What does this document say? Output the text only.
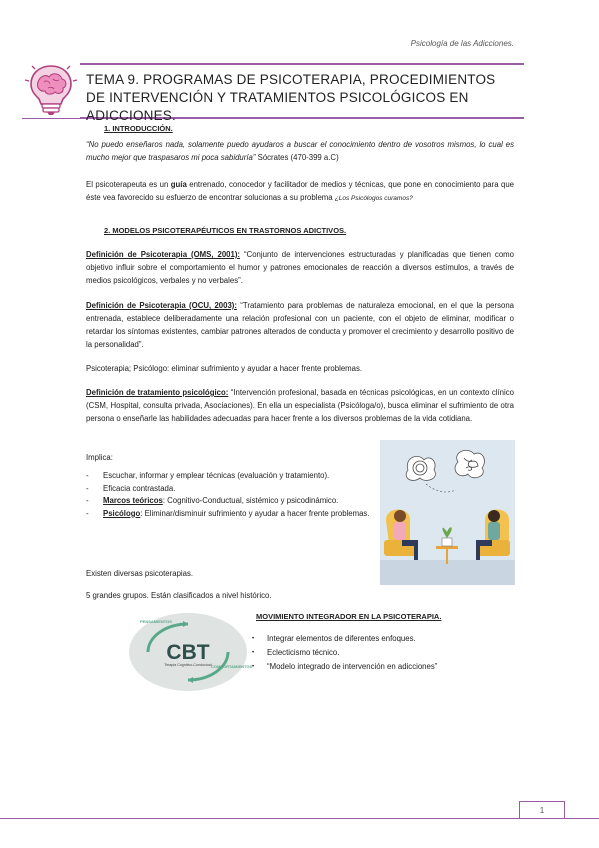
Psicología de las Adicciones.
TEMA 9. PROGRAMAS DE PSICOTERAPIA, PROCEDIMIENTOS DE INTERVENCIÓN Y TRATAMIENTOS PSICOLÓGICOS EN ADICCIONES.
1. INTRODUCCIÓN.
“No puedo enseñaros nada, solamente puedo ayudaros a buscar el conocimiento dentro de vosotros mismos, lo cual es mucho mejor que traspasaros mi poca sabiduría” Sócrates (470-399 a.C)
El psicoterapeuta es un guía entrenado, conocedor y facilitador de medios y técnicas, que pone en conocimiento para que éste vea favorecido su esfuerzo de encontrar solucionas a su problema ¿Los Psicólogos curamos?
2. MODELOS PSICOTERAPÉUTICOS EN TRASTORNOS ADICTIVOS.
Definición de Psicoterapia (OMS, 2001): “Conjunto de intervenciones estructuradas y planificadas que tienen como objetivo influir sobre el comportamiento el humor y patrones emocionales de reacción a diversos estímulos, a través de medios psicológicos, verbales y no verbales”.
Definición de Psicoterapia (OCU, 2003): “Tratamiento para problemas de naturaleza emocional, en el que la persona entrenada, establece deliberadamente una relación profesional con un paciente, con el objeto de eliminar, modificar o retardar los síntomas existentes, cambiar patrones alterados de conducta y promover el crecimiento y desarrollo positivo de la personalidad”.
Psicoterapia; Psicólogo: eliminar sufrimiento y ayudar a hacer frente problemas.
Definición de tratamiento psicológico: “Intervención profesional, basada en técnicas psicológicas, en un contexto clínico (CSM, Hospital, consulta privada, Asociaciones). En ella un especialista (Psicóloga/o), busca eliminar el sufrimiento de otra persona o enseñarle las habilidades adecuadas para hacer frente a los diversos problemas de la vida cotidiana.
Implica:
- Escuchar, informar y emplear técnicas (evaluación y tratamiento).
- Eficacia contrastada.
- Marcos teóricos: Cognitivo-Conductual, sistémico y psicodinámico.
- Psicólogo: Eliminar/disminuir sufrimiento y ayudar a hacer frente problemas.
Existen diversas psicoterapias.
5 grandes grupos. Están clasificados a nivel histórico.
PENSAMIENTOS
COMPORTAMIENTOS
CBT
Terapia Cognitivo-Conductual
MOVIMIENTO INTEGRADOR EN LA PSICOTERAPIA.
• Integrar elementos de diferentes enfoques.
• Eclecticismo técnico.
• “Modelo integrado de intervención en adicciones”
1
